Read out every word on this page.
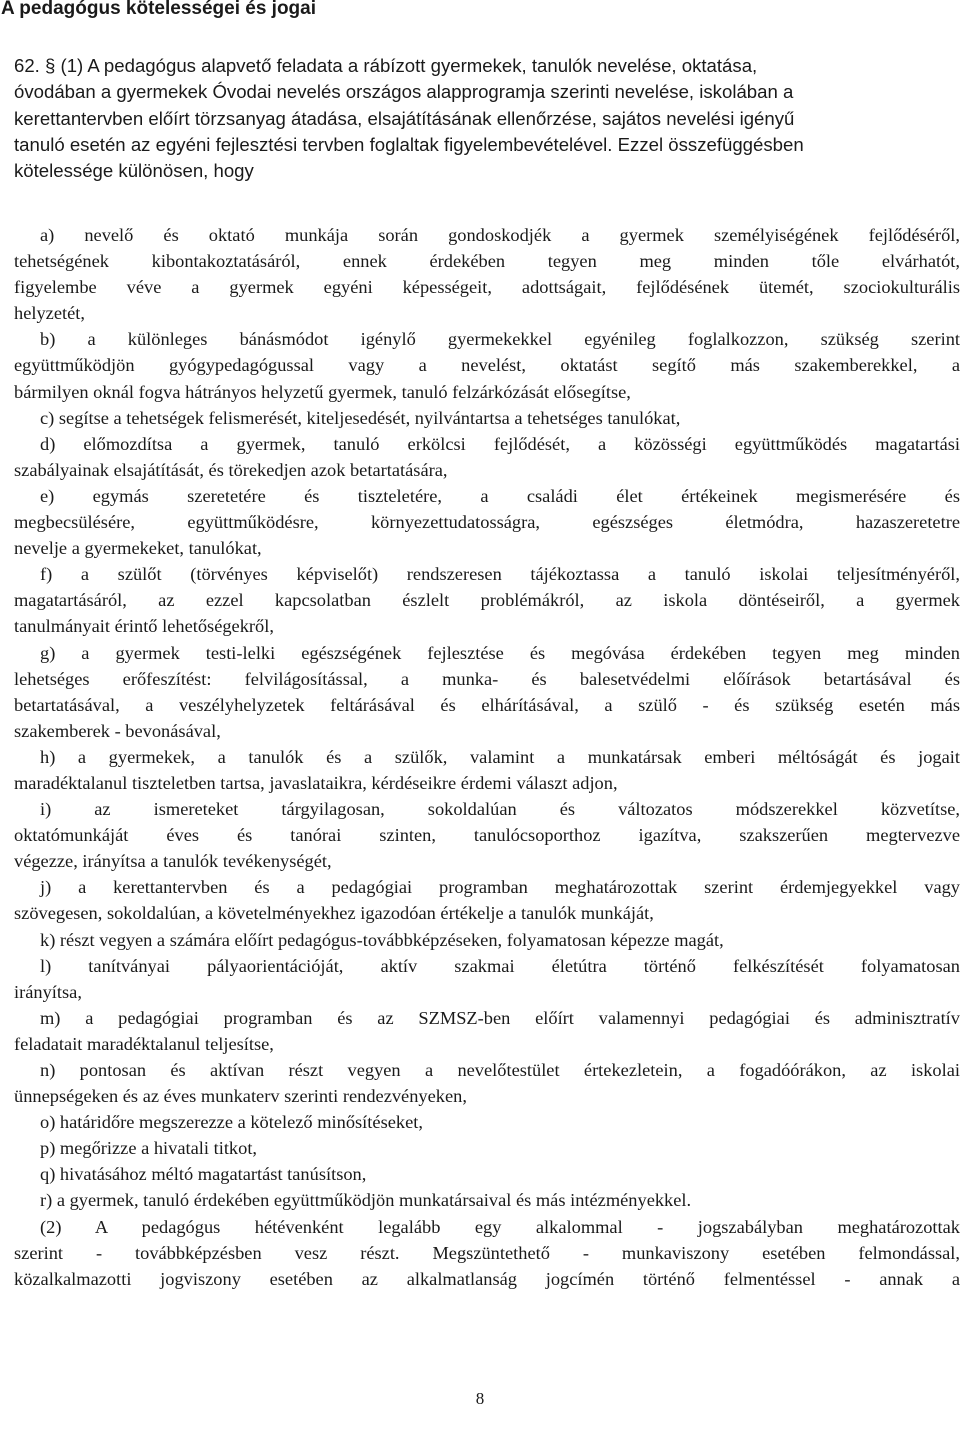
A pedagógus kötelességei és jogai
62. § (1) A pedagógus alapvető feladata a rábízott gyermekek, tanulók nevelése, oktatása,
óvodában a gyermekek Óvodai nevelés országos alapprogramja szerinti nevelése, iskolában a
kerettantervben előírt törzsanyag átadása, elsajátításának ellenőrzése, sajátos nevelési igényű
tanuló esetén az egyéni fejlesztési tervben foglaltak figyelembevételével. Ezzel összefüggésben
kötelessége különösen, hogy
a) nevelő és oktató munkája során gondoskodjék a gyermek személyiségének fejlődéséről,
tehetségének kibontakoztatásáról, ennek érdekében tegyen meg minden tőle elvárhatót,
figyelembe véve a gyermek egyéni képességeit, adottságait, fejlődésének ütemét, szociokulturális
helyzetét,
b) a különleges bánásmódot igénylő gyermekekkel egyénileg foglalkozzon, szükség szerint
együttműködjön gyógypedagógussal vagy a nevelést, oktatást segítő más szakemberekkel, a
bármilyen oknál fogva hátrányos helyzetű gyermek, tanuló felzárkózását elősegítse,
c) segítse a tehetségek felismerését, kiteljesedését, nyilvántartsa a tehetséges tanulókat,
d) előmozdítsa a gyermek, tanuló erkölcsi fejlődését, a közösségi együttműködés magatartási
szabályainak elsajátítását, és törekedjen azok betartatására,
e) egymás szeretetére és tiszteletére, a családi élet értékeinek megismerésére és
megbecsülésére, együttműködésre, környezettudatosságra, egészséges életmódra, hazaszeretetre
nevelje a gyermekeket, tanulókat,
f) a szülőt (törvényes képviselőt) rendszeresen tájékoztassa a tanuló iskolai teljesítményéről,
magatartásáról, az ezzel kapcsolatban észlelt problémákról, az iskola döntéseiről, a gyermek
tanulmányait érintő lehetőségekről,
g) a gyermek testi-lelki egészségének fejlesztése és megóvása érdekében tegyen meg minden
lehetséges erőfeszítést: felvilágosítással, a munka- és balesetvédelmi előírások betartásával és
betartatásával, a veszélyhelyzetek feltárásával és elhárításával, a szülő - és szükség esetén más
szakemberek - bevonásával,
h) a gyermekek, a tanulók és a szülők, valamint a munkatársak emberi méltóságát és jogait
maradéktalanul tiszteletben tartsa, javaslataikra, kérdéseikre érdemi választ adjon,
i) az ismereteket tárgyilagosan, sokoldalúan és változatos módszerekkel közvetítse,
oktatómunkáját éves és tanórai szinten, tanulócsoporthoz igazítva, szakszerűen megtervezve
végezze, irányítsa a tanulók tevékenységét,
j) a kerettantervben és a pedagógiai programban meghatározottak szerint érdemjegyekkel vagy
szövegesen, sokoldalúan, a követelményekhez igazodóan értékelje a tanulók munkáját,
k) részt vegyen a számára előírt pedagógus-továbbképzéseken, folyamatosan képezze magát,
l) tanítványai pályaorientációját, aktív szakmai életútra történő felkészítését folyamatosan
irányítsa,
m) a pedagógiai programban és az SZMSZ-ben előírt valamennyi pedagógiai és adminisztratív
feladatait maradéktalanul teljesítse,
n) pontosan és aktívan részt vegyen a nevelőtestület értekezletein, a fogadóórákon, az iskolai
ünnepségeken és az éves munkaterv szerinti rendezvényeken,
o) határidőre megszerezze a kötelező minősítéseket,
p) megőrizze a hivatali titkot,
q) hivatásához méltó magatartást tanúsítson,
r) a gyermek, tanuló érdekében együttműködjön munkatársaival és más intézményekkel.
(2) A pedagógus hétévenként legalább egy alkalommal - jogszabályban meghatározottak
szerint - továbbképzésben vesz részt. Megszüntethető - munkaviszony esetében felmondással,
közalkalmazotti jogviszony esetében az alkalmatlanság jogcímén történő felmentéssel - annak a
8
